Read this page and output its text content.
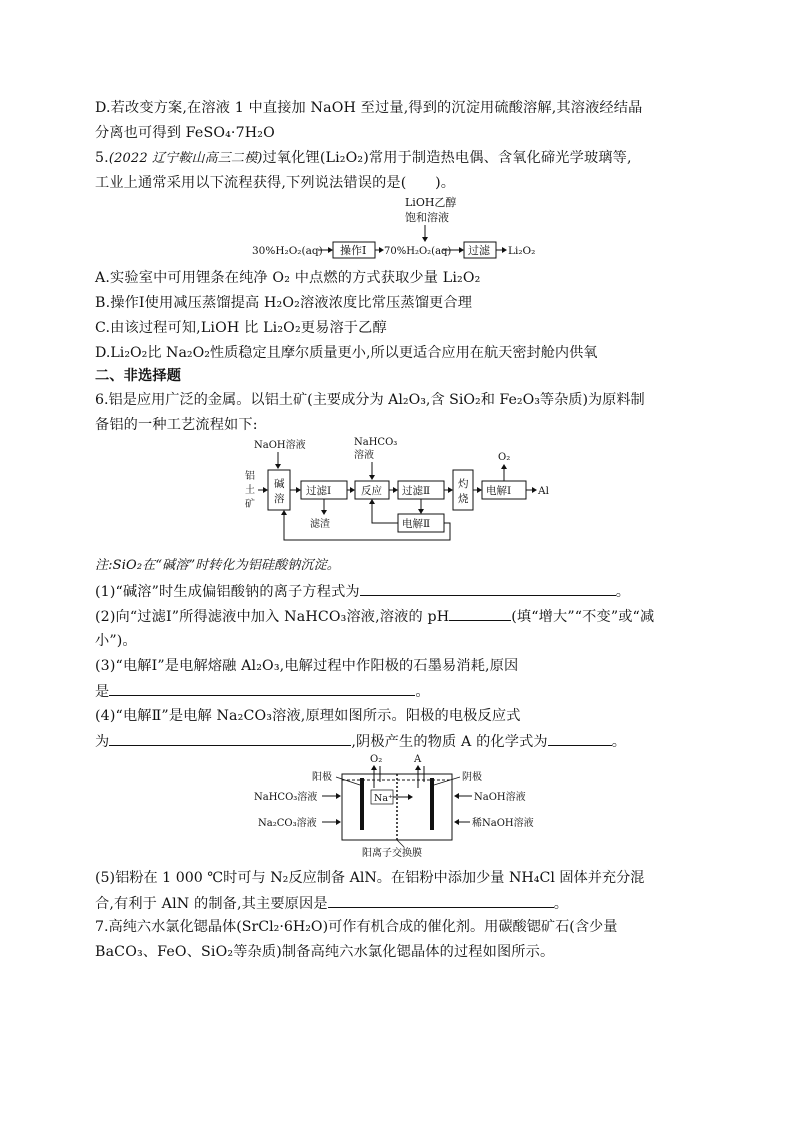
D.若改变方案,在溶液 1 中直接加 NaOH 至过量,得到的沉淀用硫酸溶解,其溶液经结晶
分离也可得到 FeSO₄·7H₂O
5.(2022 辽宁鞍山高三二模)过氧化锂(Li₂O₂)常用于制造热电偶、含氧化碲光学玻璃等,
工业上通常采用以下流程获得,下列说法错误的是(　　)。
LiOH乙醇
饱和溶液
30%H₂O₂(aq) 操作Ⅰ 70%H₂O₂(aq) 过滤 Li₂O₂
A.实验室中可用锂条在纯净 O₂ 中点燃的方式获取少量 Li₂O₂
B.操作Ⅰ使用减压蒸馏提高 H₂O₂溶液浓度比常压蒸馏更合理
C.由该过程可知,LiOH 比 Li₂O₂更易溶于乙醇
D.Li₂O₂比 Na₂O₂性质稳定且摩尔质量更小,所以更适合应用在航天密封舱内供氧
二、非选择题
6.铝是应用广泛的金属。以铝土矿(主要成分为 Al₂O₃,含 SiO₂和 Fe₂O₃等杂质)为原料制
备铝的一种工艺流程如下:
NaOH溶液
铝
土
矿
碱
溶
过滤Ⅰ
滤渣
NaHCO₃
溶液
反应 过滤Ⅱ
灼
烧
电解Ⅰ
O₂
Al
电解Ⅱ
注:SiO₂在“碱溶”时转化为铝硅酸钠沉淀。
(1)“碱溶”时生成偏铝酸钠的离子方程式为	。
(2)向“过滤Ⅰ”所得滤液中加入 NaHCO₃溶液,溶液的 pH	(填“增大”“不变”或“减
小”)。
(3)“电解Ⅰ”是电解熔融 Al₂O₃,电解过程中作阳极的石墨易消耗,原因
是	。
(4)“电解Ⅱ”是电解 Na₂CO₃溶液,原理如图所示。阳极的电极反应式
为	,阴极产生的物质 A 的化学式为	。
O₂	A
Na⁺
阳极
NaHCO₃溶液
Na₂CO₃溶液
阴极
NaOH溶液
稀NaOH溶液
阳离子交换膜
(5)铝粉在 1 000 ℃时可与 N₂反应制备 AlN。在铝粉中添加少量 NH₄Cl 固体并充分混
合,有利于 AlN 的制备,其主要原因是	。
7.高纯六水氯化锶晶体(SrCl₂·6H₂O)可作有机合成的催化剂。用碳酸锶矿石(含少量
BaCO₃、FeO、SiO₂等杂质)制备高纯六水氯化锶晶体的过程如图所示。
